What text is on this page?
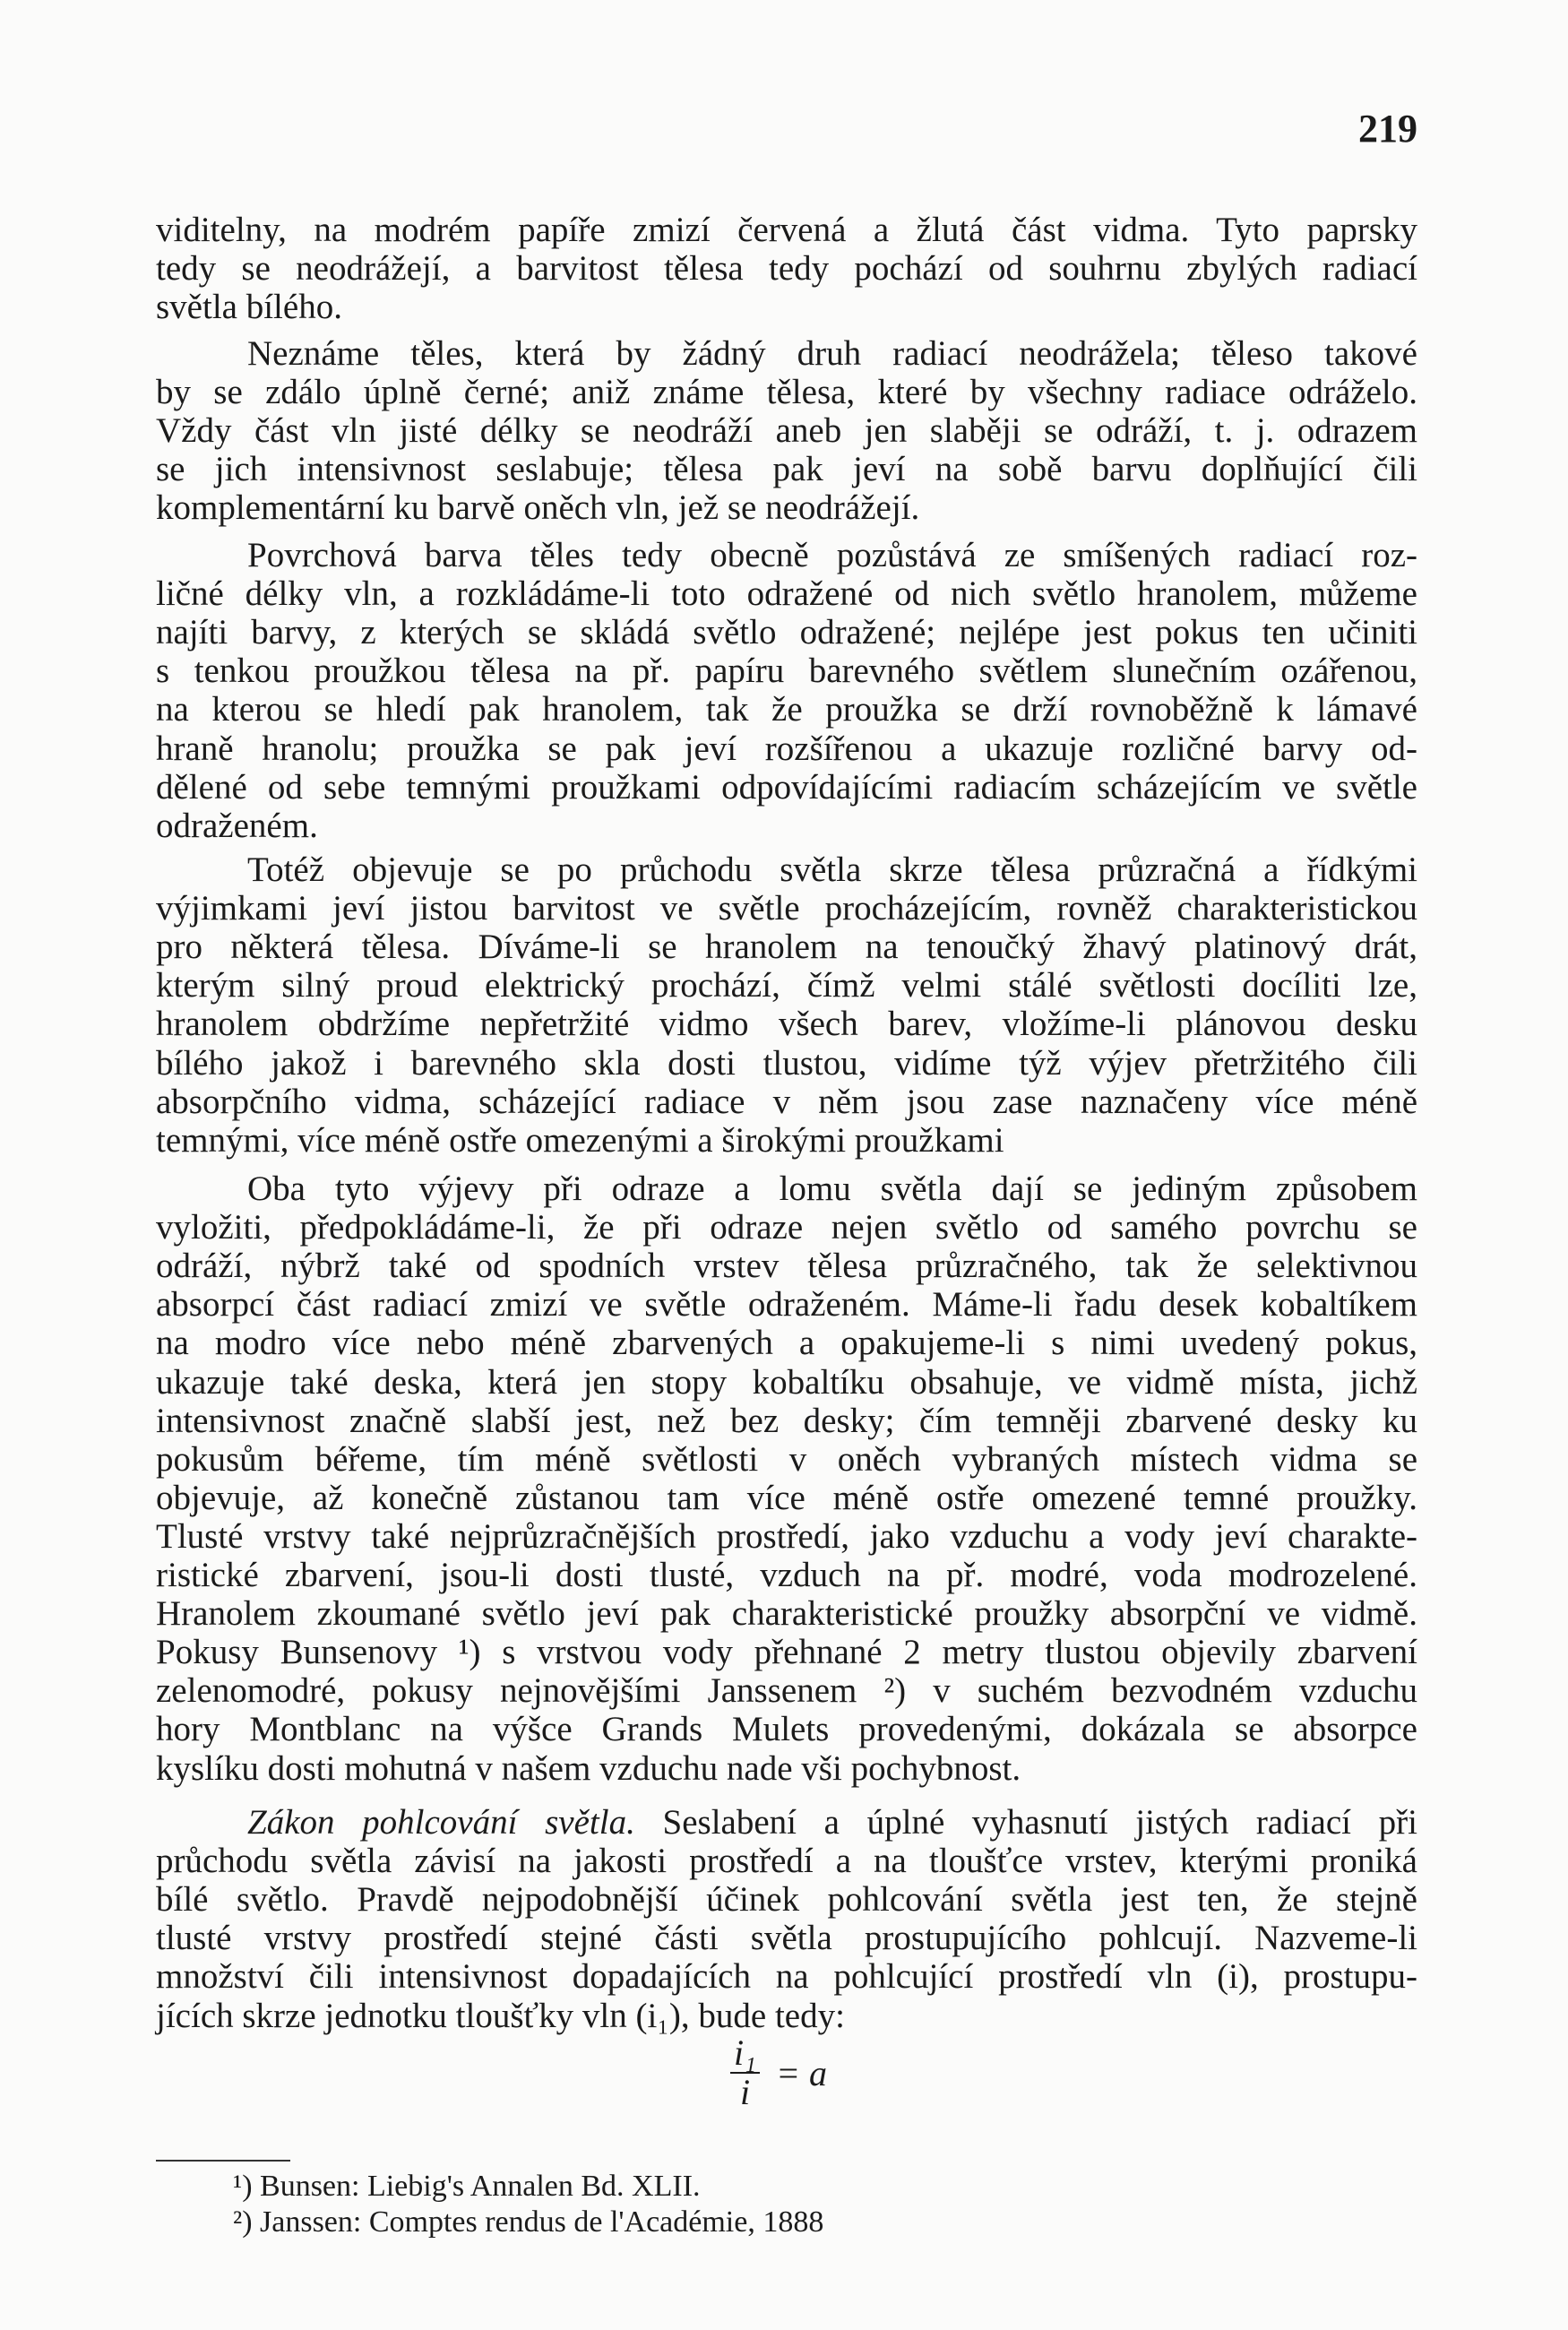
219
viditelny, na modrém papíře zmizí červená a žlutá část vidma. Tyto paprsky
tedy se neodrážejí, a barvitost tělesa tedy pochází od souhrnu zbylých radiací
světla bílého.
Neznáme těles, která by žádný druh radiací neodrážela; těleso takové
by se zdálo úplně černé; aniž známe tělesa, které by všechny radiace odráželo.
Vždy část vln jisté délky se neodráží aneb jen slaběji se odráží, t. j. odrazem
se jich intensivnost seslabuje; tělesa pak jeví na sobě barvu doplňující čili
komplementární ku barvě oněch vln, jež se neodrážejí.
Povrchová barva těles tedy obecně pozůstává ze smíšených radiací roz-
ličné délky vln, a rozkládáme-li toto odražené od nich světlo hranolem, můžeme
najíti barvy, z kterých se skládá světlo odražené; nejlépe jest pokus ten učiniti
s tenkou proužkou tělesa na př. papíru barevného světlem slunečním ozářenou,
na kterou se hledí pak hranolem, tak že proužka se drží rovnoběžně k lámavé
hraně hranolu; proužka se pak jeví rozšířenou a ukazuje rozličné barvy od-
dělené od sebe temnými proužkami odpovídajícími radiacím scházejícím ve světle
odraženém.
Totéž objevuje se po průchodu světla skrze tělesa průzračná a řídkými
výjimkami jeví jistou barvitost ve světle procházejícím, rovněž charakteristickou
pro některá tělesa. Díváme-li se hranolem na tenoučký žhavý platinový drát,
kterým silný proud elektrický prochází, čímž velmi stálé světlosti docíliti lze,
hranolem obdržíme nepřetržité vidmo všech barev, vložíme-li plánovou desku
bílého jakož i barevného skla dosti tlustou, vidíme týž výjev přetržitého čili
absorpčního vidma, scházející radiace v něm jsou zase naznačeny více méně
temnými, více méně ostře omezenými a širokými proužkami
Oba tyto výjevy při odraze a lomu světla dají se jediným způsobem
vyložiti, předpokládáme-li, že při odraze nejen světlo od samého povrchu se
odráží, nýbrž také od spodních vrstev tělesa průzračného, tak že selektivnou
absorpcí část radiací zmizí ve světle odraženém. Máme-li řadu desek kobaltíkem
na modro více nebo méně zbarvených a opakujeme-li s nimi uvedený pokus,
ukazuje také deska, která jen stopy kobaltíku obsahuje, ve vidmě místa, jichž
intensivnost značně slabší jest, než bez desky; čím temněji zbarvené desky ku
pokusům béřeme, tím méně světlosti v oněch vybraných místech vidma se
objevuje, až konečně zůstanou tam více méně ostře omezené temné proužky.
Tlusté vrstvy také nejprůzračnějších prostředí, jako vzduchu a vody jeví charakte-
ristické zbarvení, jsou-li dosti tlusté, vzduch na př. modré, voda modrozelené.
Hranolem zkoumané světlo jeví pak charakteristické proužky absorpční ve vidmě.
Pokusy Bunsenovy ¹) s vrstvou vody přehnané 2 metry tlustou objevily zbarvení
zelenomodré, pokusy nejnovějšími Janssenem ²) v suchém bezvodném vzduchu
hory Montblanc na výšce Grands Mulets provedenými, dokázala se absorpce
kyslíku dosti mohutná v našem vzduchu nade vši pochybnost.
Zákon pohlcování světla. Seslabení a úplné vyhasnutí jistých radiací při
průchodu světla závisí na jakosti prostředí a na tloušťce vrstev, kterými proniká
bílé světlo. Pravdě nejpodobnější účinek pohlcování světla jest ten, že stejně
tlusté vrstvy prostředí stejné části světla prostupujícího pohlcují. Nazveme-li
množství čili intensivnost dopadajících na pohlcující prostředí vln (i), prostupu-
jících skrze jednotku tloušťky vln (i₁), bude tedy:
$\frac{\text{i₁}}{i} = a$
¹) Bunsen: Liebig's Annalen Bd. XLII.
²) Janssen: Comptes rendus de l'Académie, 1888
